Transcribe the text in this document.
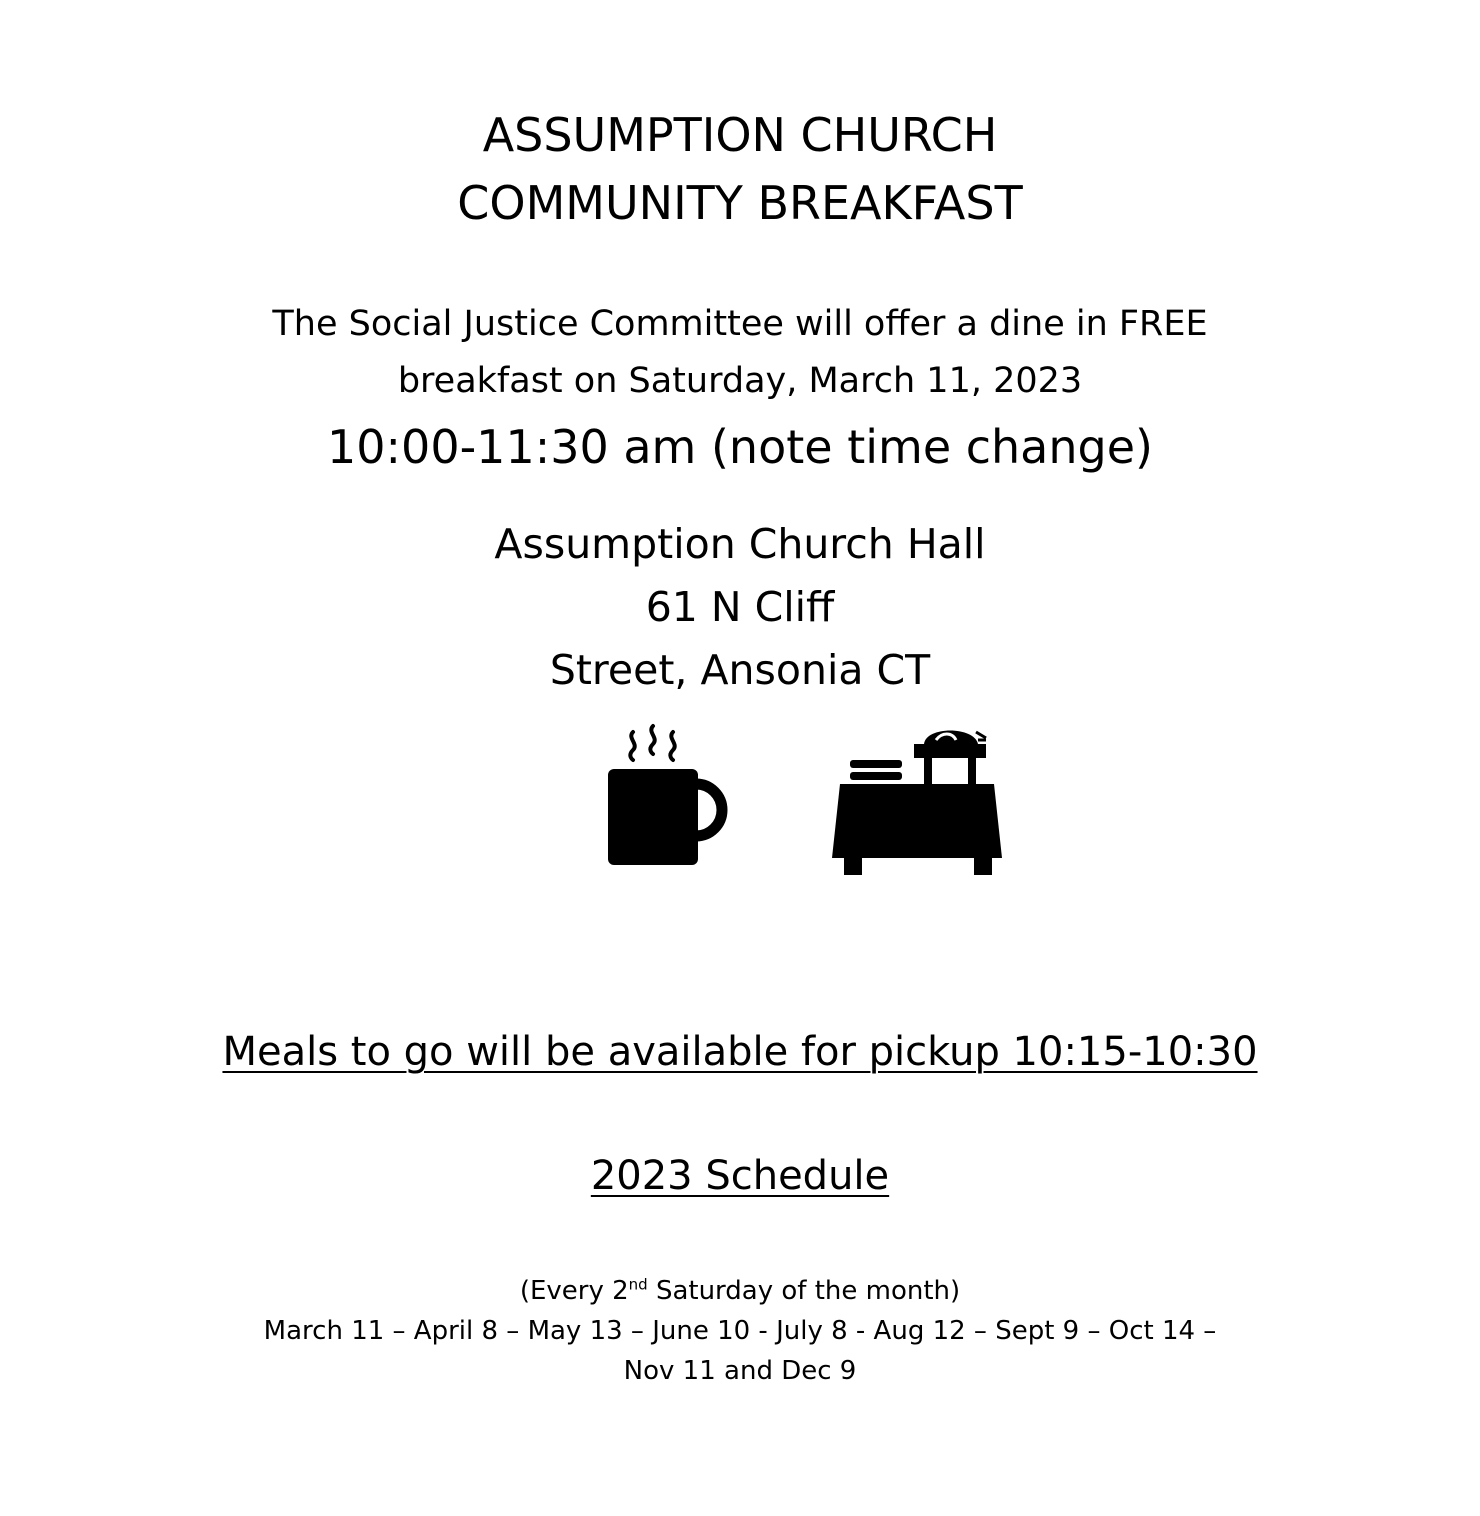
ASSUMPTION CHURCH
COMMUNITY BREAKFAST
The Social Justice Committee will offer a dine in FREE
breakfast on Saturday, March 11, 2023
10:00-11:30 am (note time change)
Assumption Church Hall
61 N Cliff
Street, Ansonia CT
Meals to go will be available for pickup 10:15-10:30
2023 Schedule
(Every 2nd Saturday of the month)
March 11 – April 8 – May 13 – June 10 - July 8 - Aug 12 – Sept 9 – Oct 14 –
Nov 11 and Dec 9
